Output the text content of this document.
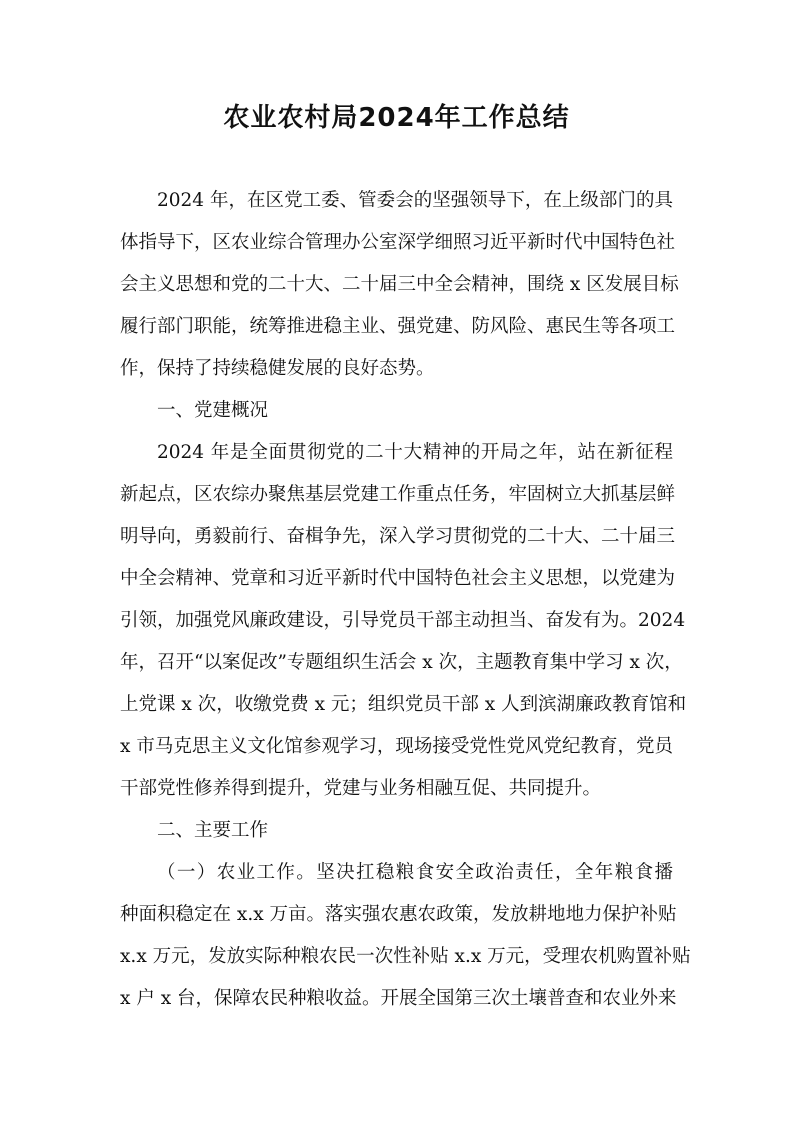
农业农村局2024年工作总结
2024 年，在区党工委、管委会的坚强领导下，在上级部门的具
体指导下，区农业综合管理办公室深学细照习近平新时代中国特色社
会主义思想和党的二十大、二十届三中全会精神，围绕 x 区发展目标
履行部门职能，统筹推进稳主业、强党建、防风险、惠民生等各项工
作，保持了持续稳健发展的良好态势。
一、党建概况
2024 年是全面贯彻党的二十大精神的开局之年，站在新征程
新起点，区农综办聚焦基层党建工作重点任务，牢固树立大抓基层鲜
明导向，勇毅前行、奋楫争先，深入学习贯彻党的二十大、二十届三
中全会精神、党章和习近平新时代中国特色社会主义思想，以党建为
引领，加强党风廉政建设，引导党员干部主动担当、奋发有为。2024
年，召开“以案促改”专题组织生活会 x 次，主题教育集中学习 x 次，
上党课 x 次，收缴党费 x 元；组织党员干部 x 人到滨湖廉政教育馆和
x 市马克思主义文化馆参观学习，现场接受党性党风党纪教育，党员
干部党性修养得到提升，党建与业务相融互促、共同提升。
二、主要工作
（一）农业工作。坚决扛稳粮食安全政治责任，全年粮食播
种面积稳定在 x.x 万亩。落实强农惠农政策，发放耕地地力保护补贴
x.x 万元，发放实际种粮农民一次性补贴 x.x 万元，受理农机购置补贴
x 户 x 台，保障农民种粮收益。开展全国第三次土壤普查和农业外来
